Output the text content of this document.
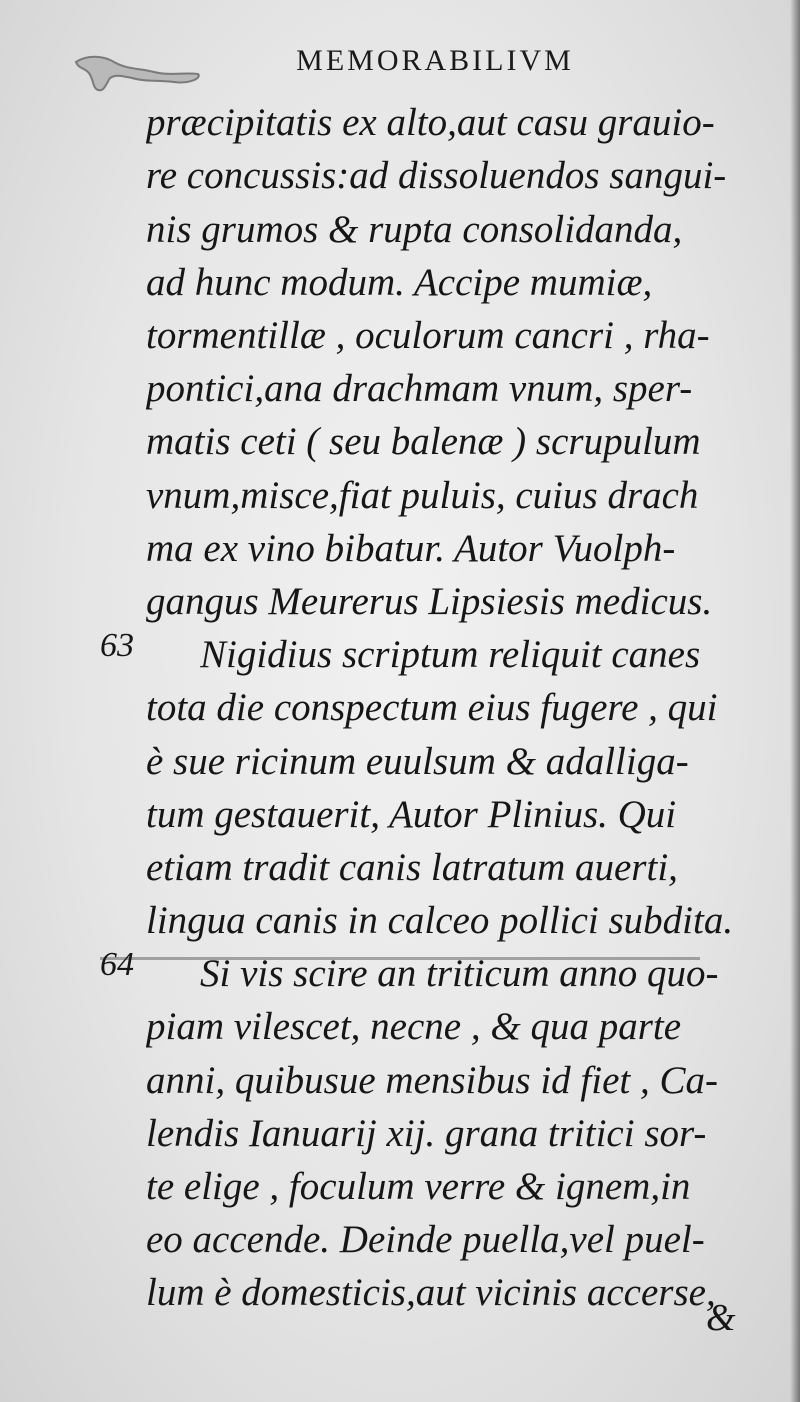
MEMORABILIVM
præcipitatis ex alto,aut casu grauio-
re concussis:ad dissoluendos sangui-
nis grumos & rupta consolidanda,
ad hunc modum. Accipe mumiæ,
tormentillæ , oculorum cancri , rha-
pontici,ana drachmam vnum, sper-
matis ceti ( seu balenæ ) scrupulum
vnum,misce,fiat puluis, cuius drach
ma ex vino bibatur. Autor Vuolph-
gangus Meurerus Lipsiesis medicus.
63 Nigidius scriptum reliquit canes
tota die conspectum eius fugere , qui
è sue ricinum euulsum & adalliga-
tum gestauerit, Autor Plinius. Qui
etiam tradit canis latratum auerti,
lingua canis in calceo pollici subdita.
64 Si vis scire an triticum anno quo-
piam vilescet, necne , & qua parte
anni, quibusue mensibus id fiet , Ca-
lendis Ianuarij xij. grana tritici sor-
te elige , foculum verre & ignem,in
eo accende. Deinde puella,vel puel-
lum è domesticis,aut vicinis accerse,
&
